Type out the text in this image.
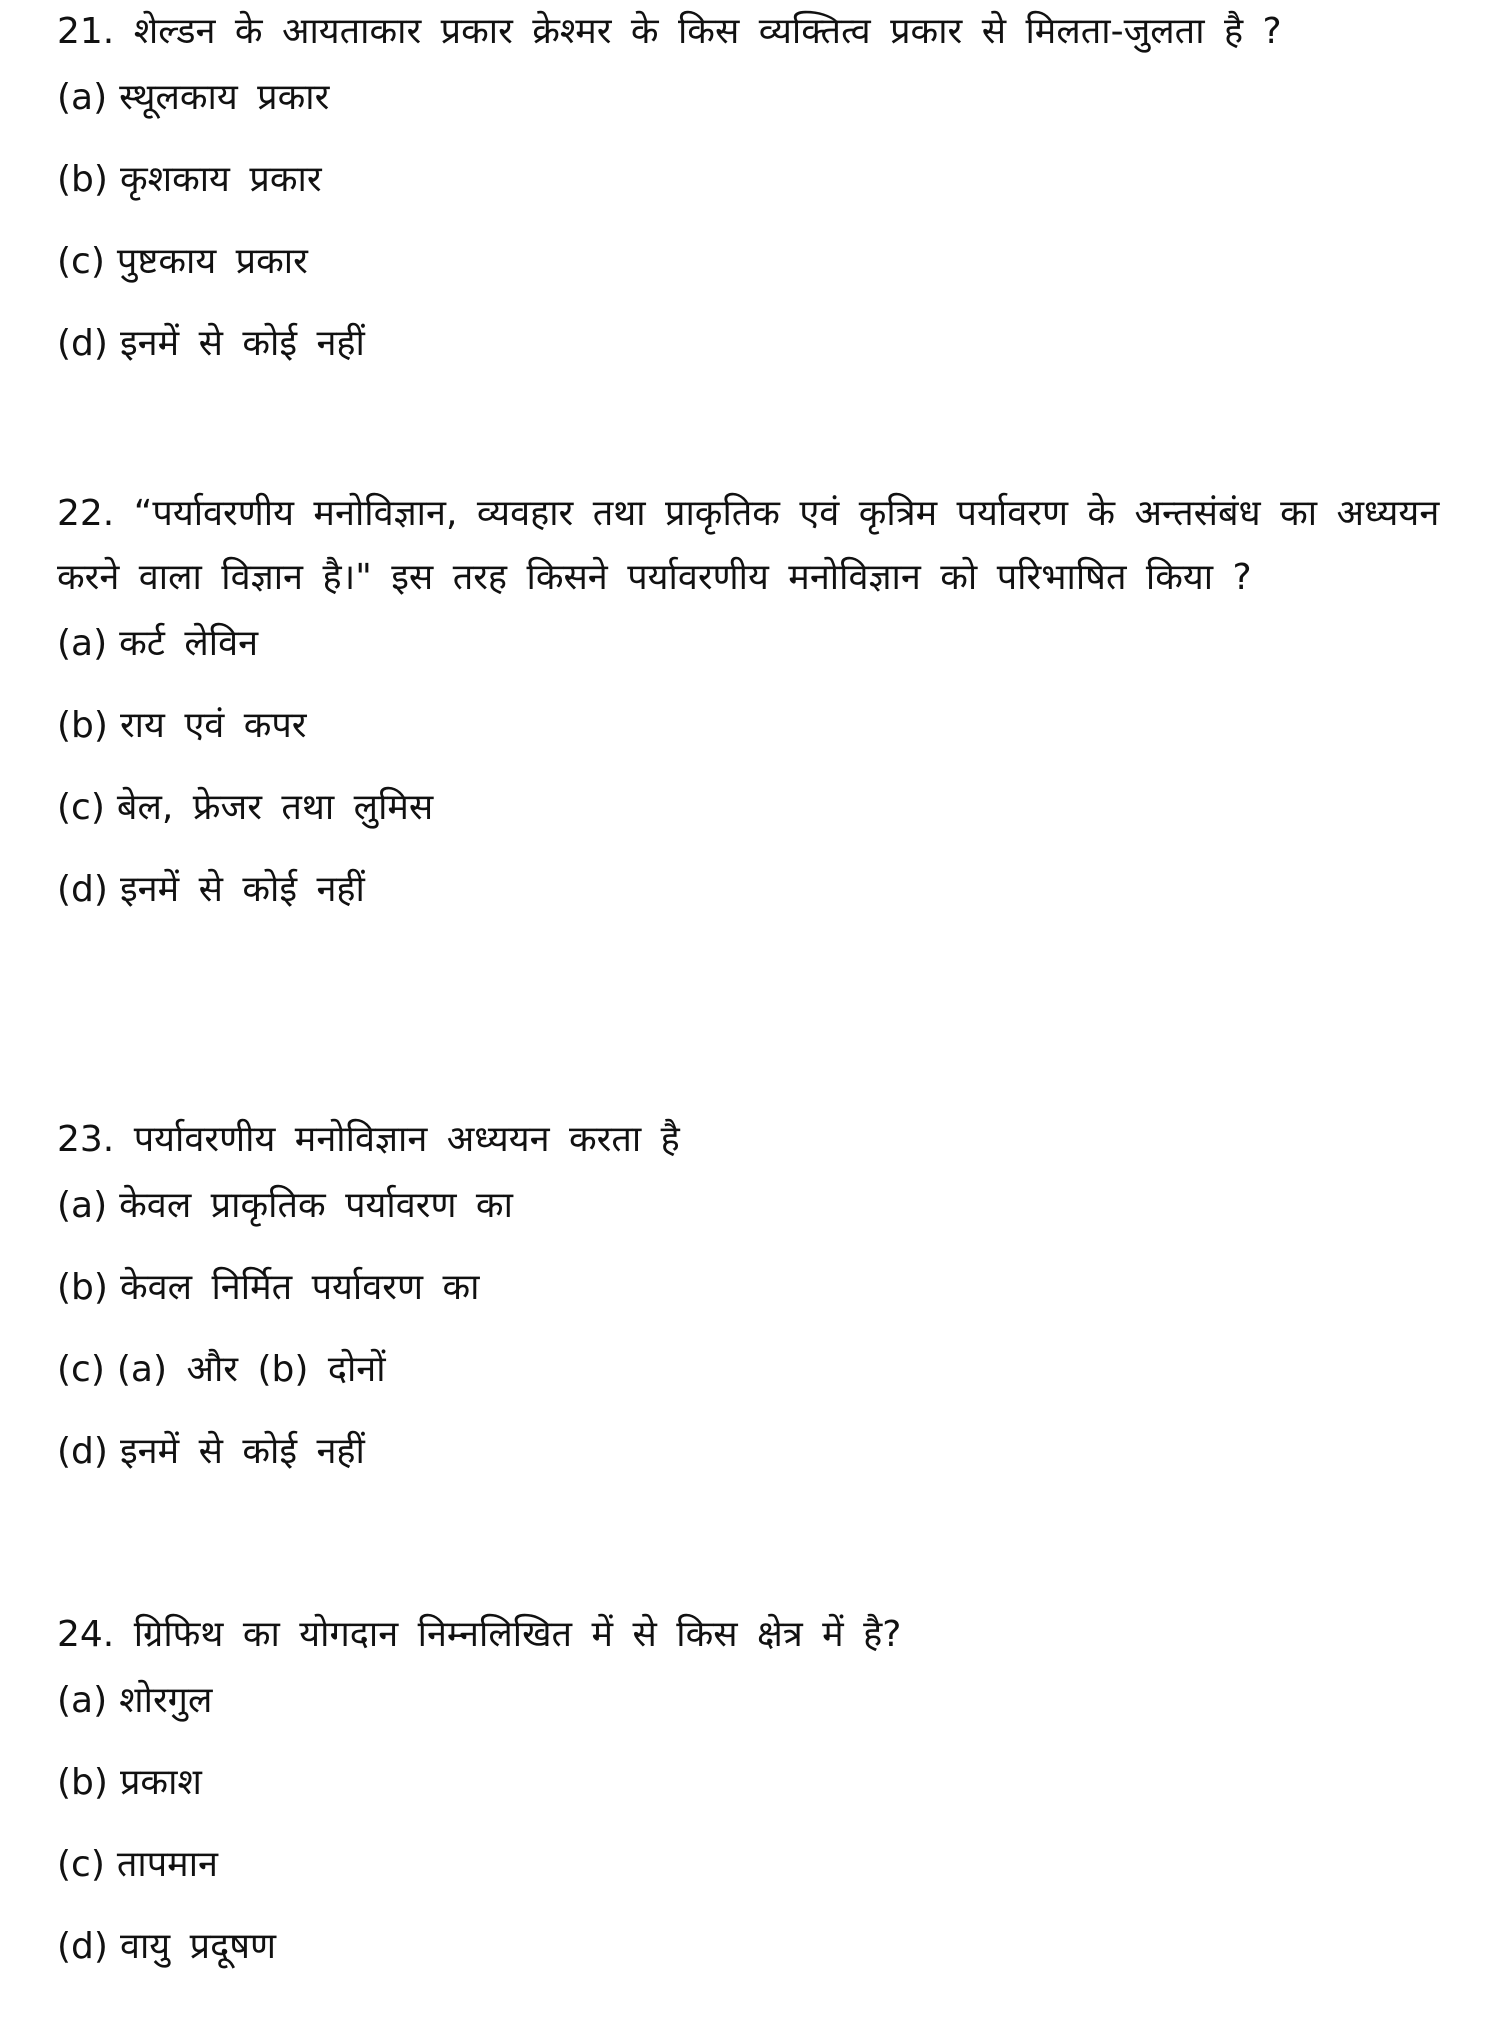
21. शेल्डन के आयताकार प्रकार क्रेश्मर के किस व्यक्तित्व प्रकार से मिलता-जुलता है ?

(a) स्थूलकाय प्रकार

(b) कृशकाय प्रकार

(c) पुष्टकाय प्रकार

(d) इनमें से कोई नहीं

22. “पर्यावरणीय मनोविज्ञान, व्यवहार तथा प्राकृतिक एवं कृत्रिम पर्यावरण के अन्तसंबंध का अध्ययन करने वाला विज्ञान है।" इस तरह किसने पर्यावरणीय मनोविज्ञान को परिभाषित किया ?

(a) कर्ट लेविन

(b) राय एवं कपर

(c) बेल, फ्रेजर तथा लुमिस

(d) इनमें से कोई नहीं

23. पर्यावरणीय मनोविज्ञान अध्ययन करता है

(a) केवल प्राकृतिक पर्यावरण का

(b) केवल निर्मित पर्यावरण का

(c) (a) और (b) दोनों

(d) इनमें से कोई नहीं

24. ग्रिफिथ का योगदान निम्नलिखित में से किस क्षेत्र में है?

(a) शोरगुल

(b) प्रकाश

(c) तापमान

(d) वायु प्रदूषण
